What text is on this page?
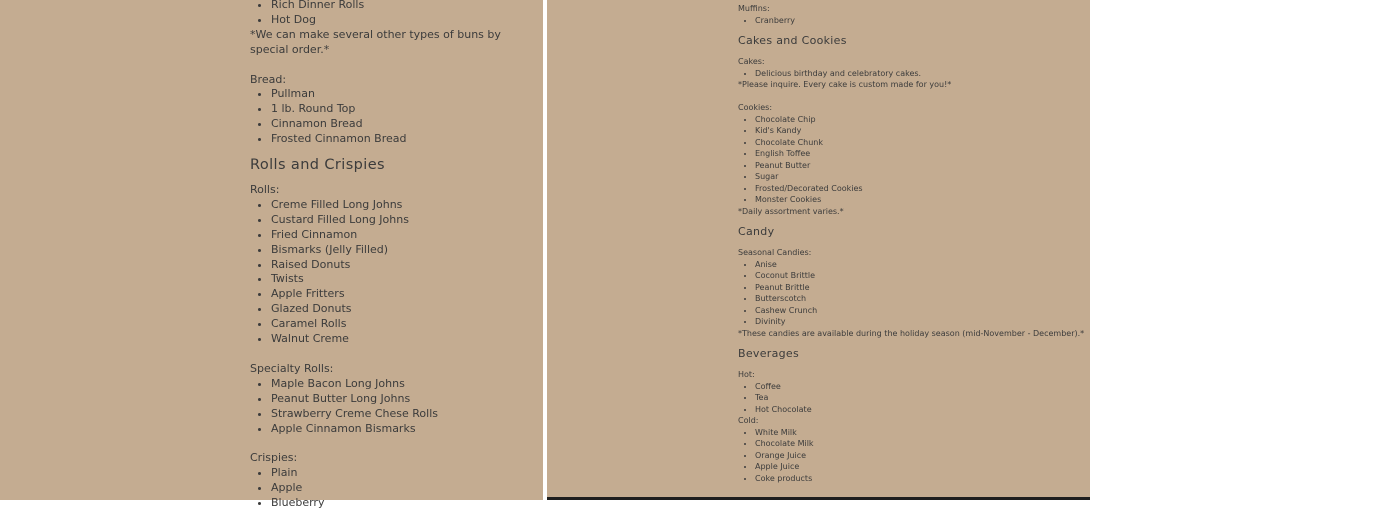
• Rich Dinner Rolls
• Hot Dog

*We can make several other types of buns by special order.*

Bread:

• Pullman
• 1 lb. Round Top
• Cinnamon Bread
• Frosted Cinnamon Bread
Rolls and Crispies

Rolls:

• Creme Filled Long Johns
• Custard Filled Long Johns
• Fried Cinnamon
• Bismarks (Jelly Filled)
• Raised Donuts
• Twists
• Apple Fritters
• Glazed Donuts
• Caramel Rolls
• Walnut Creme

Specialty Rolls:

• Maple Bacon Long Johns
• Peanut Butter Long Johns
• Strawberry Creme Chese Rolls
• Apple Cinnamon Bismarks

Crispies:

• Plain
• Apple
• Blueberry

Muffins:

• Cranberry
Cakes and Cookies

Cakes:

• Delicious birthday and celebratory cakes.

*Please inquire. Every cake is custom made for you!*

Cookies:

• Chocolate Chip
• Kid's Kandy
• Chocolate Chunk
• English Toffee
• Peanut Butter
• Sugar
• Frosted/Decorated Cookies
• Monster Cookies

*Daily assortment varies.*

Candy

Seasonal Candies:

• Anise
• Coconut Brittle
• Peanut Brittle
• Butterscotch
• Cashew Crunch
• Divinity

*These candies are available during the holiday season (mid-November - December).*

Beverages

Hot:

• Coffee
• Tea
• Hot Chocolate

Cold:

• White Milk
• Chocolate Milk
• Orange Juice
• Apple Juice
• Coke products
